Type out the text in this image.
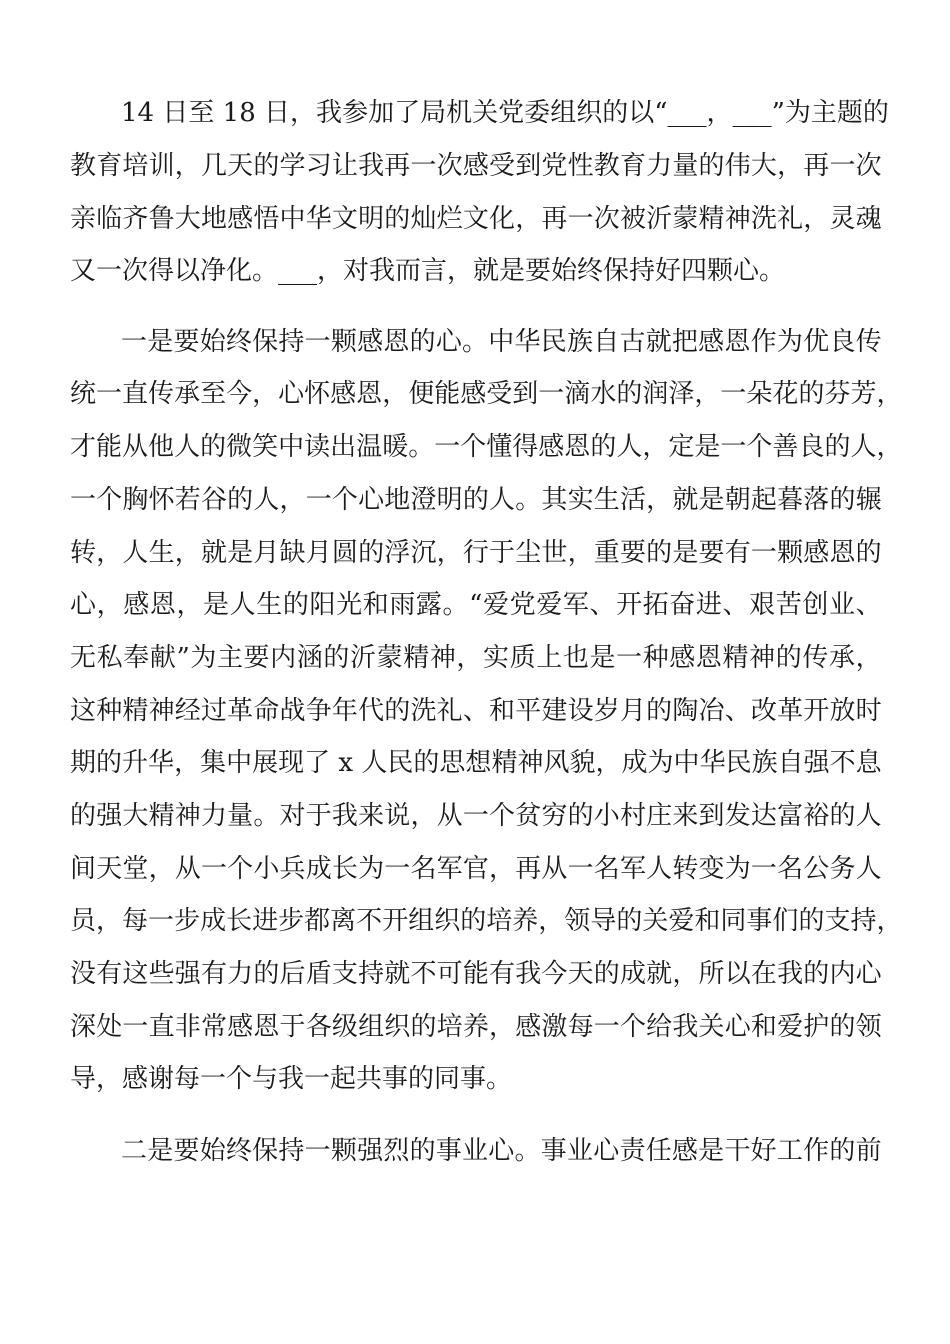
1 4
日 至
1 8
日 ， 我 参 加 了 局 机 关 党 委 组 织 的 以 “ _ _ _ ， _ _ _ ” 为 主 题 的
教 育 培 训 ， 几 天 的 学 习 让 我 再 一 次 感 受 到 党 性 教 育 力 量 的 伟 大 ， 再 一 次
亲 临 齐 鲁 大 地 感 悟 中 华 文 明 的 灿 烂 文 化 ， 再 一 次 被 沂 蒙 精 神 洗 礼 ， 灵 魂
又一次得以净化。___，对我而言，就是要始终保持好四颗心。
一 是 要 始 终 保 持 一 颗 感 恩 的 心 。 中 华 民 族 自 古 就 把 感 恩 作 为 优 良 传
统 一 直 传 承 至 今 ， 心 怀 感 恩 ， 便 能 感 受 到 一 滴 水 的 润 泽 ， 一 朵 花 的 芬 芳 ，
才 能 从 他 人 的 微 笑 中 读 出 温 暖 。 一 个 懂 得 感 恩 的 人 ， 定 是 一 个 善 良 的 人 ，
一 个 胸 怀 若 谷 的 人 ， 一 个 心 地 澄 明 的 人 。 其 实 生 活 ， 就 是 朝 起 暮 落 的 辗
转 ， 人 生 ， 就 是 月 缺 月 圆 的 浮 沉 ， 行 于 尘 世 ， 重 要 的 是 要 有 一 颗 感 恩 的
心 ， 感 恩 ， 是 人 生 的 阳 光 和 雨 露 。 “ 爱 党 爱 军 、 开 拓 奋 进 、 艰 苦 创 业 、
无 私 奉 献 ” 为 主 要 内 涵 的 沂 蒙 精 神 ， 实 质 上 也 是 一 种 感 恩 精 神 的 传 承 ，
这 种 精 神 经 过 革 命 战 争 年 代 的 洗 礼 、 和 平 建 设 岁 月 的 陶 冶 、 改 革 开 放 时
期 的 升 华 ， 集 中 展 现 了
x
人 民 的 思 想 精 神 风 貌 ， 成 为 中 华 民 族 自 强 不 息
的 强 大 精 神 力 量 。 对 于 我 来 说 ， 从 一 个 贫 穷 的 小 村 庄 来 到 发 达 富 裕 的 人
间 天 堂 ， 从 一 个 小 兵 成 长 为 一 名 军 官 ， 再 从 一 名 军 人 转 变 为 一 名 公 务 人
员 ， 每 一 步 成 长 进 步 都 离 不 开 组 织 的 培 养 ， 领 导 的 关 爱 和 同 事 们 的 支 持 ，
没 有 这 些 强 有 力 的 后 盾 支 持 就 不 可 能 有 我 今 天 的 成 就 ， 所 以 在 我 的 内 心
深 处 一 直 非 常 感 恩 于 各 级 组 织 的 培 养 ， 感 激 每 一 个 给 我 关 心 和 爱 护 的 领
导，感谢每一个与我一起共事的同事。
二 是 要 始 终 保 持 一 颗 强 烈 的 事 业 心 。 事 业 心 责 任 感 是 干 好 工 作 的 前
